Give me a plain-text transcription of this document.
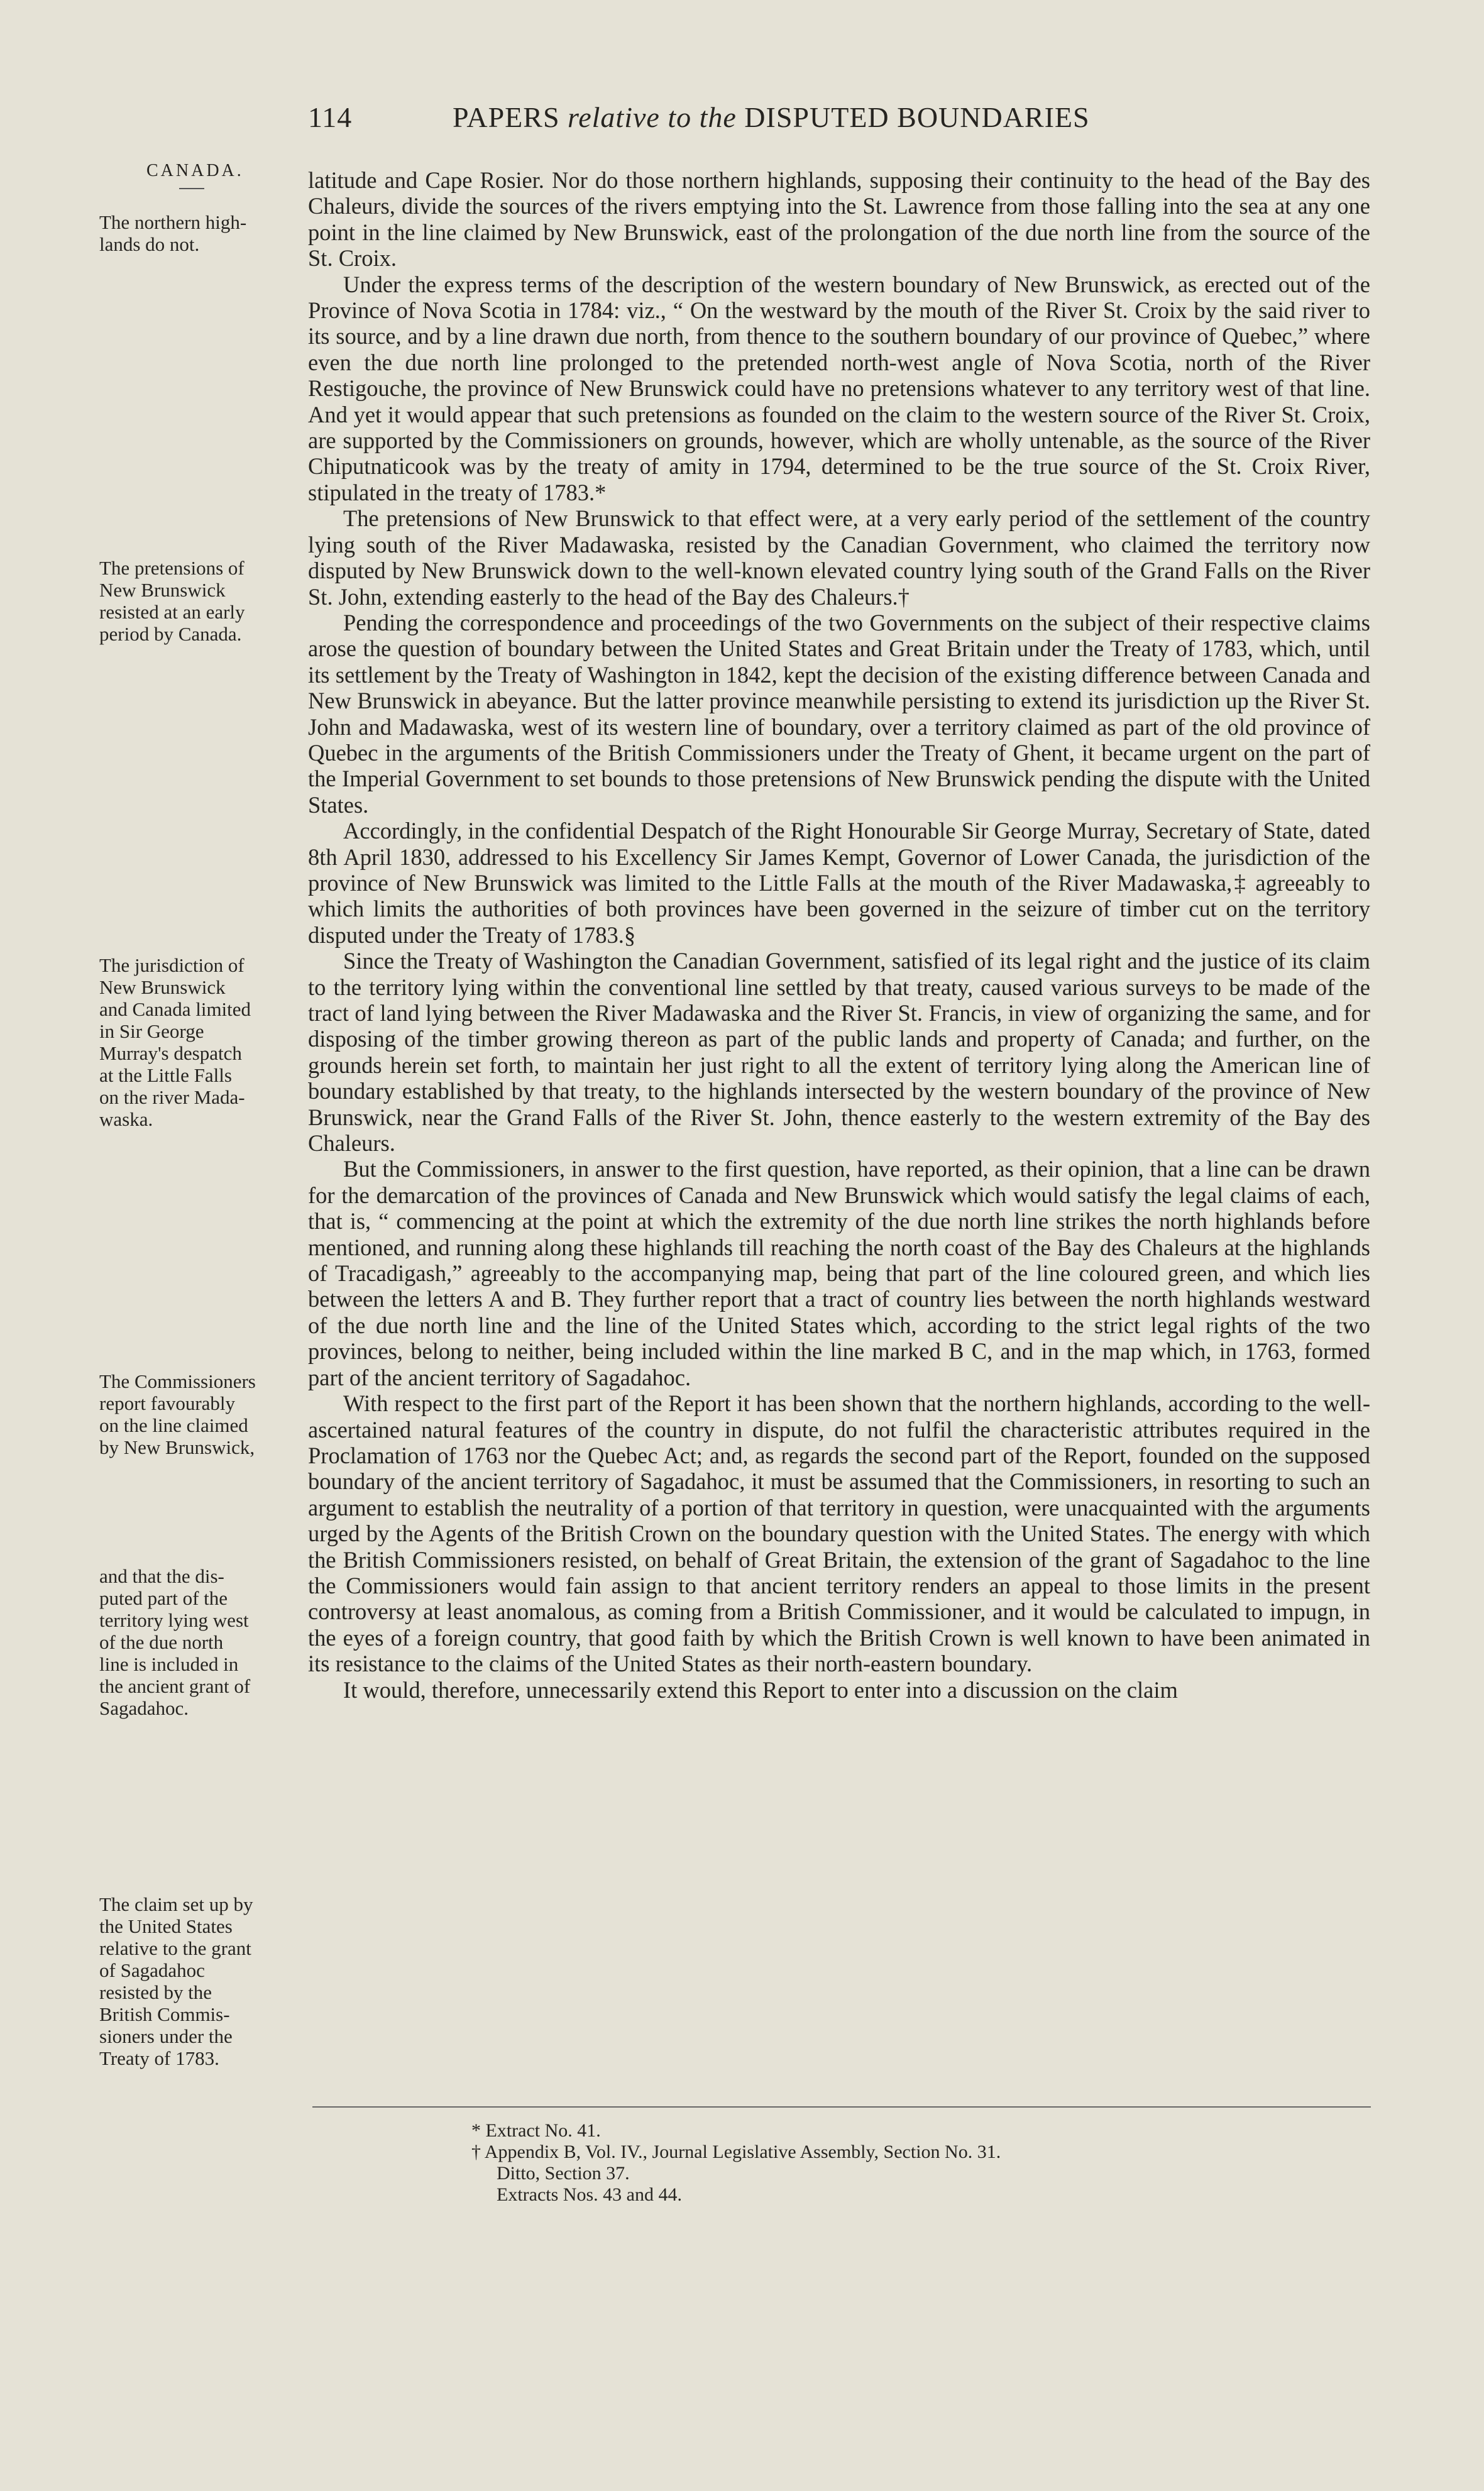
114	PAPERS relative to the DISPUTED BOUNDARIES
CANADA.
The northern high-
lands do not.
The pretensions of
New Brunswick
resisted at an early
period by Canada.
The jurisdiction of
New Brunswick
and Canada limited
in Sir George
Murray's despatch
at the Little Falls
on the river Mada-
waska.
The Commissioners
report favourably
on the line claimed
by New Brunswick,
and that the dis-
puted part of the
territory lying west
of the due north
line is included in
the ancient grant of
Sagadahoc.
The claim set up by
the United States
relative to the grant
of Sagadahoc
resisted by the
British Commis-
sioners under the
Treaty of 1783.

latitude and Cape Rosier. Nor do those northern highlands, supposing their continuity to the head of the Bay des Chaleurs, divide the sources of the rivers emptying into the St. Lawrence from those falling into the sea at any one point in the line claimed by New Brunswick, east of the prolongation of the due north line from the source of the St. Croix.

Under the express terms of the description of the western boundary of New Brunswick, as erected out of the Province of Nova Scotia in 1784: viz., “ On the westward by the mouth of the River St. Croix by the said river to its source, and by a line drawn due north, from thence to the southern boundary of our province of Quebec,” where even the due north line prolonged to the pretended north-west angle of Nova Scotia, north of the River Restigouche, the province of New Brunswick could have no pretensions whatever to any territory west of that line. And yet it would appear that such pretensions as founded on the claim to the western source of the River St. Croix, are supported by the Commissioners on grounds, however, which are wholly untenable, as the source of the River Chiputnaticook was by the treaty of amity in 1794, determined to be the true source of the St. Croix River, stipulated in the treaty of 1783.*

The pretensions of New Brunswick to that effect were, at a very early period of the settlement of the country lying south of the River Madawaska, resisted by the Canadian Government, who claimed the territory now disputed by New Brunswick down to the well-known elevated country lying south of the Grand Falls on the River St. John, extending easterly to the head of the Bay des Chaleurs.†

Pending the correspondence and proceedings of the two Governments on the subject of their respective claims arose the question of boundary between the United States and Great Britain under the Treaty of 1783, which, until its settlement by the Treaty of Washington in 1842, kept the decision of the existing difference between Canada and New Brunswick in abeyance. But the latter province meanwhile persisting to extend its jurisdiction up the River St. John and Madawaska, west of its western line of boundary, over a territory claimed as part of the old province of Quebec in the arguments of the British Commissioners under the Treaty of Ghent, it became urgent on the part of the Imperial Government to set bounds to those pretensions of New Brunswick pending the dispute with the United States.

Accordingly, in the confidential Despatch of the Right Honourable Sir George Murray, Secretary of State, dated 8th April 1830, addressed to his Excellency Sir James Kempt, Governor of Lower Canada, the jurisdiction of the province of New Brunswick was limited to the Little Falls at the mouth of the River Madawaska,‡ agreeably to which limits the authorities of both provinces have been governed in the seizure of timber cut on the territory disputed under the Treaty of 1783.§

Since the Treaty of Washington the Canadian Government, satisfied of its legal right and the justice of its claim to the territory lying within the conventional line settled by that treaty, caused various surveys to be made of the tract of land lying between the River Madawaska and the River St. Francis, in view of organizing the same, and for disposing of the timber growing thereon as part of the public lands and property of Canada; and further, on the grounds herein set forth, to maintain her just right to all the extent of territory lying along the American line of boundary established by that treaty, to the highlands intersected by the western boundary of the province of New Brunswick, near the Grand Falls of the River St. John, thence easterly to the western extremity of the Bay des Chaleurs.

But the Commissioners, in answer to the first question, have reported, as their opinion, that a line can be drawn for the demarcation of the provinces of Canada and New Brunswick which would satisfy the legal claims of each, that is, “ commencing at the point at which the extremity of the due north line strikes the north highlands before mentioned, and running along these highlands till reaching the north coast of the Bay des Chaleurs at the highlands of Tracadigash,” agreeably to the accompanying map, being that part of the line coloured green, and which lies between the letters A and B. They further report that a tract of country lies between the north highlands westward of the due north line and the line of the United States which, according to the strict legal rights of the two provinces, belong to neither, being included within the line marked B C, and in the map which, in 1763, formed part of the ancient territory of Sagadahoc.

With respect to the first part of the Report it has been shown that the northern highlands, according to the well-ascertained natural features of the country in dispute, do not fulfil the characteristic attributes required in the Proclamation of 1763 nor the Quebec Act; and, as regards the second part of the Report, founded on the supposed boundary of the ancient territory of Sagadahoc, it must be assumed that the Commissioners, in resorting to such an argument to establish the neutrality of a portion of that territory in question, were unacquainted with the arguments urged by the Agents of the British Crown on the boundary question with the United States. The energy with which the British Commissioners resisted, on behalf of Great Britain, the extension of the grant of Sagadahoc to the line the Commissioners would fain assign to that ancient territory renders an appeal to those limits in the present controversy at least anomalous, as coming from a British Commissioner, and it would be calculated to impugn, in the eyes of a foreign country, that good faith by which the British Crown is well known to have been animated in its resistance to the claims of the United States as their north-eastern boundary.

It would, therefore, unnecessarily extend this Report to enter into a discussion on the claim

* Extract No. 41.
† Appendix B, Vol. IV., Journal Legislative Assembly, Section No. 31.
Ditto, Section 37.
Extracts Nos. 43 and 44.
